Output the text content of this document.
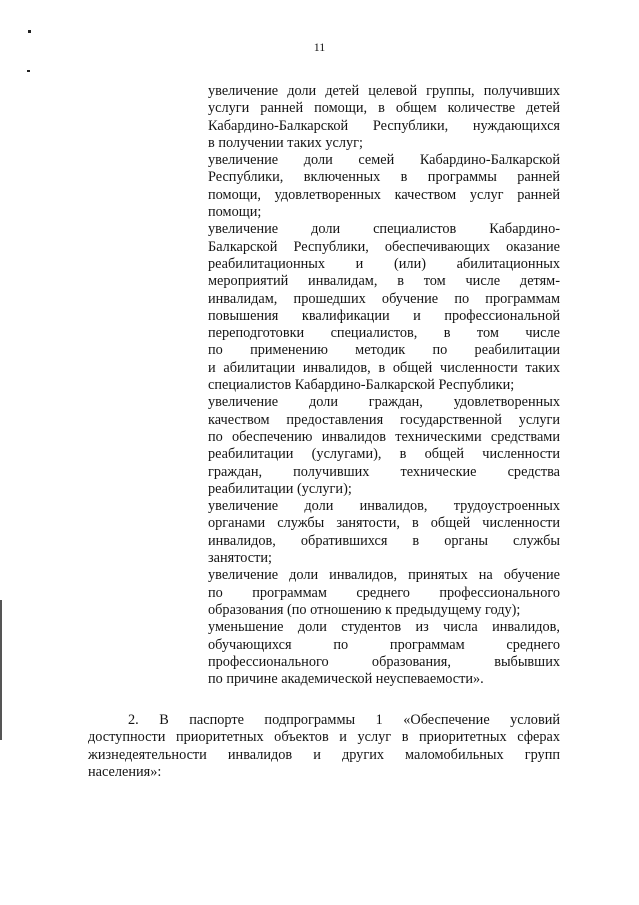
11
увеличение доли детей целевой группы, получивших
услуги ранней помощи, в общем количестве детей
Кабардино-Балкарской Республики, нуждающихся
в получении таких услуг;
увеличение доли семей Кабардино-Балкарской
Республики, включенных в программы ранней
помощи, удовлетворенных качеством услуг ранней
помощи;
увеличение доли специалистов Кабардино-
Балкарской Республики, обеспечивающих оказание
реабилитационных и (или) абилитационных
мероприятий инвалидам, в том числе детям-
инвалидам, прошедших обучение по программам
повышения квалификации и профессиональной
переподготовки специалистов, в том числе
по применению методик по реабилитации
и абилитации инвалидов, в общей численности таких
специалистов Кабардино-Балкарской Республики;
увеличение доли граждан, удовлетворенных
качеством предоставления государственной услуги
по обеспечению инвалидов техническими средствами
реабилитации (услугами), в общей численности
граждан, получивших технические средства
реабилитации (услуги);
увеличение доли инвалидов, трудоустроенных
органами службы занятости, в общей численности
инвалидов, обратившихся в органы службы
занятости;
увеличение доли инвалидов, принятых на обучение
по программам среднего профессионального
образования (по отношению к предыдущему году);
уменьшение доли студентов из числа инвалидов,
обучающихся по программам среднего
профессионального образования, выбывших
по причине академической неуспеваемости».
2. В паспорте подпрограммы 1 «Обеспечение условий
доступности приоритетных объектов и услуг в приоритетных сферах
жизнедеятельности инвалидов и других маломобильных групп
населения»:
